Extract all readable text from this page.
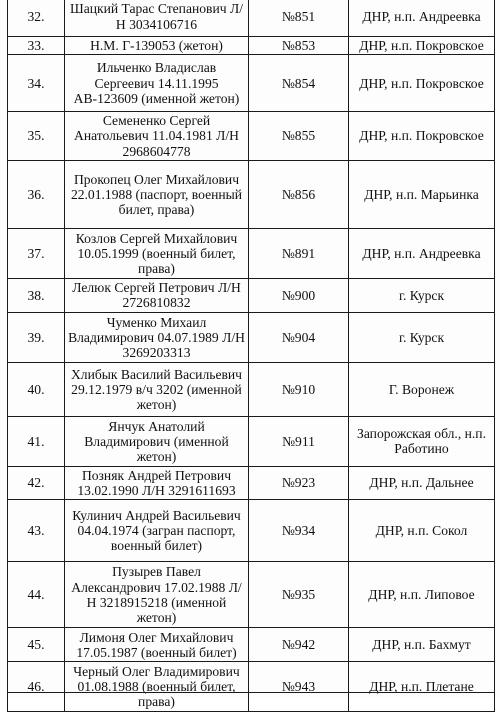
32.	Шацкий Тарас Степанович Л/Н 3034106716	№851	ДНР, н.п. Андреевка
33.	Н.М. Г-139053 (жетон)	№853	ДНР, н.п. Покровское
34.	Ильченко Владислав Сергеевич 14.11.1995 АВ-123609 (именной жетон)	№854	ДНР, н.п. Покровское
35.	Семененко Сергей Анатольевич 11.04.1981 Л/Н 2968604778	№855	ДНР, н.п. Покровское
36.	Прокопец Олег Михайлович 22.01.1988 (паспорт, военный билет, права)	№856	ДНР, н.п. Марьинка
37.	Козлов Сергей Михайлович 10.05.1999 (военный билет, права)	№891	ДНР, н.п. Андреевка
38.	Лелюк Сергей Петрович Л/Н 2726810832	№900	г. Курск
39.	Чуменко Михаил Владимирович 04.07.1989 Л/Н 3269203313	№904	г. Курск
40.	Хлибык Василий Васильевич 29.12.1979 в/ч 3202 (именной жетон)	№910	Г. Воронеж
41.	Янчук Анатолий Владимирович (именной жетон)	№911	Запорожская обл., н.п. Работино
42.	Позняк Андрей Петрович 13.02.1990 Л/Н 3291611693	№923	ДНР, н.п. Дальнее
43.	Кулинич Андрей Васильевич 04.04.1974 (загран паспорт, военный билет)	№934	ДНР, н.п. Сокол
44.	Пузырев Павел Александрович 17.02.1988 Л/Н 3218915218 (именной жетон)	№935	ДНР, н.п. Липовое
45.	Лимоня Олег Михайлович 17.05.1987 (военный билет)	№942	ДНР, н.п. Бахмут
46.	Черный Олег Владимирович 01.08.1988 (военный билет, права)	№943	ДНР, н.п. Плетане
